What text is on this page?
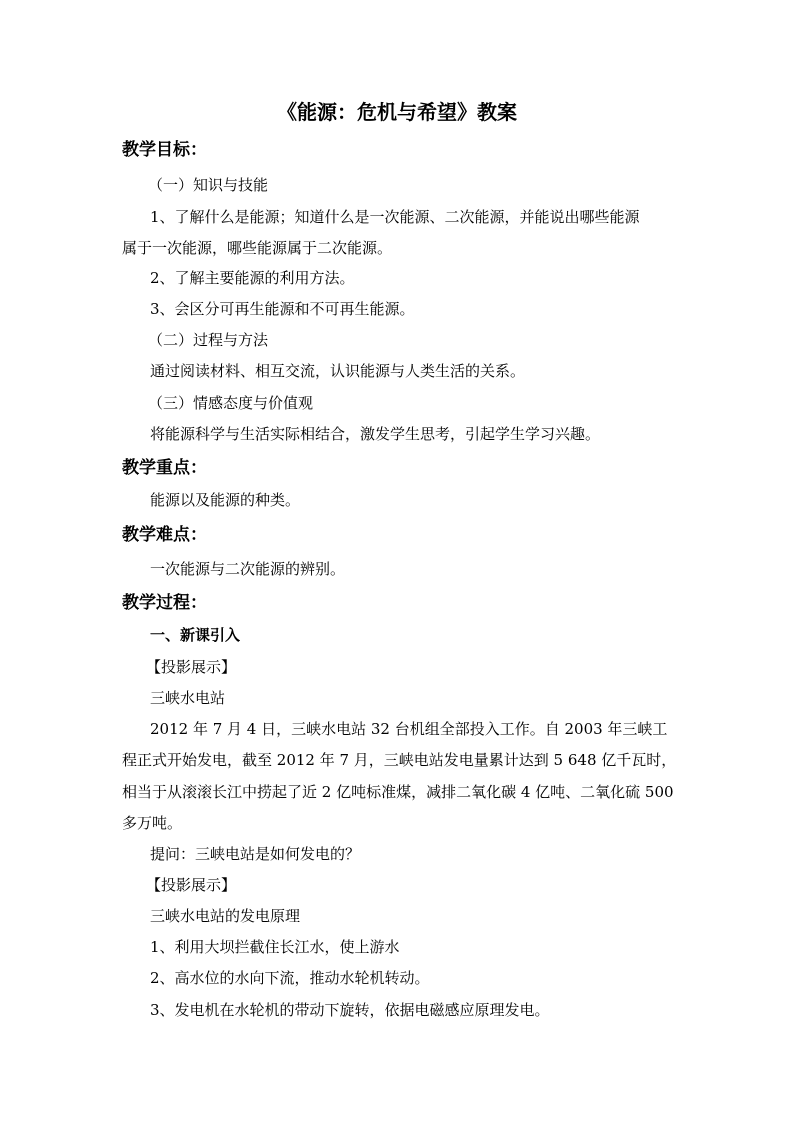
《能源：危机与希望》教案
教学目标：
（一）知识与技能
1、了解什么是能源；知道什么是一次能源、二次能源，并能说出哪些能源
属于一次能源，哪些能源属于二次能源。
2、了解主要能源的利用方法。
3、会区分可再生能源和不可再生能源。
（二）过程与方法
通过阅读材料、相互交流，认识能源与人类生活的关系。
（三）情感态度与价值观
将能源科学与生活实际相结合，激发学生思考，引起学生学习兴趣。
教学重点：
能源以及能源的种类。
教学难点：
一次能源与二次能源的辨别。
教学过程：
一、新课引入
【投影展示】
三峡水电站
2012 年 7 月 4 日，三峡水电站 32 台机组全部投入工作。自 2003 年三峡工
程正式开始发电，截至 2012 年 7 月，三峡电站发电量累计达到 5 648 亿千瓦时，
相当于从滚滚长江中捞起了近 2 亿吨标准煤，减排二氧化碳 4 亿吨、二氧化硫 500
多万吨。
提问：三峡电站是如何发电的？
【投影展示】
三峡水电站的发电原理
1、利用大坝拦截住长江水，使上游水
2、高水位的水向下流，推动水轮机转动。
3、发电机在水轮机的带动下旋转，依据电磁感应原理发电。
